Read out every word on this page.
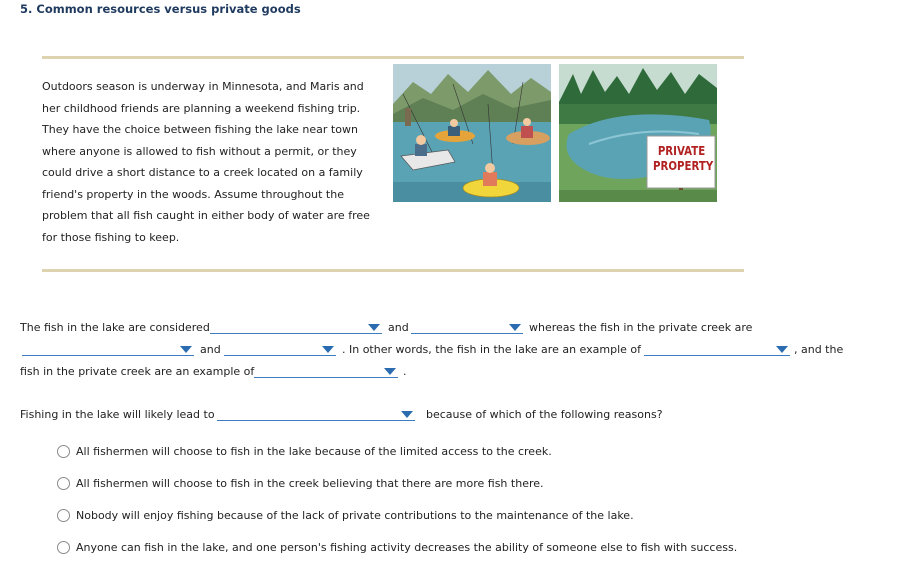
5. Common resources versus private goods
Outdoors season is underway in Minnesota, and Maris and her childhood friends are planning a weekend fishing trip. They have the choice between fishing the lake near town where anyone is allowed to fish without a permit, or they could drive a short distance to a creek located on a family friend's property in the woods. Assume throughout the problem that all fish caught in either body of water are free for those fishing to keep.
PRIVATE
PROPERTY
The fish in the lake are considered	and	whereas the fish in the private creek are
and	. In other words, the fish in the lake are an example of	, and the
fish in the private creek are an example of	.
Fishing in the lake will likely lead to	because of which of the following reasons?
All fishermen will choose to fish in the lake because of the limited access to the creek.
All fishermen will choose to fish in the creek believing that there are more fish there.
Nobody will enjoy fishing because of the lack of private contributions to the maintenance of the lake.
Anyone can fish in the lake, and one person's fishing activity decreases the ability of someone else to fish with success.
